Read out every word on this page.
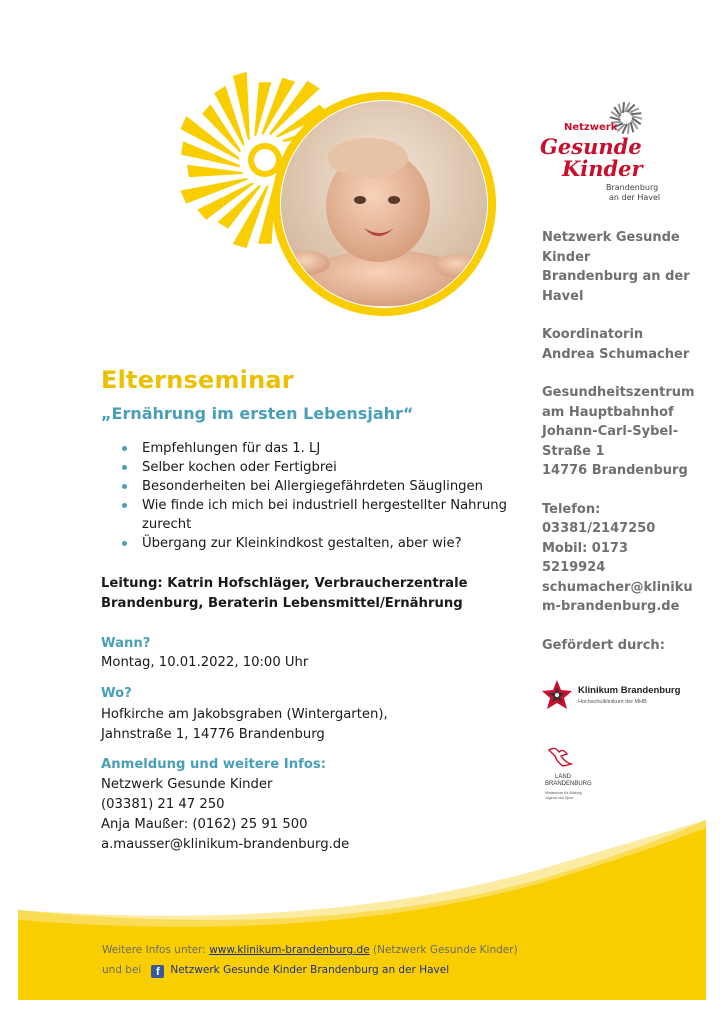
Netzwerk
Gesunde
Kinder
Brandenburg
an der Havel
Elternseminar
„Ernährung im ersten Lebensjahr“
Empfehlungen für das 1. LJ
Selber kochen oder Fertigbrei
Besonderheiten bei Allergiegefährdeten Säuglingen
Wie finde ich mich bei industriell hergestellter Nahrung zurecht
Übergang zur Kleinkindkost gestalten, aber wie?
Leitung: Katrin Hofschläger, Verbraucherzentrale Brandenburg, Beraterin Lebensmittel/Ernährung
Wann?
Montag, 10.01.2022, 10:00 Uhr
Wo?
Hofkirche am Jakobsgraben (Wintergarten),
Jahnstraße 1, 14776 Brandenburg
Anmeldung und weitere Infos:
Netzwerk Gesunde Kinder
(03381) 21 47 250
Anja Maußer: (0162) 25 91 500
a.mausser@klinikum-brandenburg.de

Netzwerk Gesunde

Kinder

Brandenburg an der

Havel

Koordinatorin

Andrea Schumacher

Gesundheitszentrum

am Hauptbahnhof

Johann-Carl-Sybel-

Straße 1

14776 Brandenburg

Telefon:

03381/2147250

Mobil: 0173

5219924

schumacher@kliniku

m-brandenburg.de

Gefördert durch:

Klinikum Brandenburg
Hochschulklinikum der MHB
LAND
BRANDENBURG
Ministerium für Bildung,
Jugend und Sport
Weitere Infos unter: www.klinikum-brandenburg.de (Netzwerk Gesunde Kinder)
und bei f Netzwerk Gesunde Kinder Brandenburg an der Havel
